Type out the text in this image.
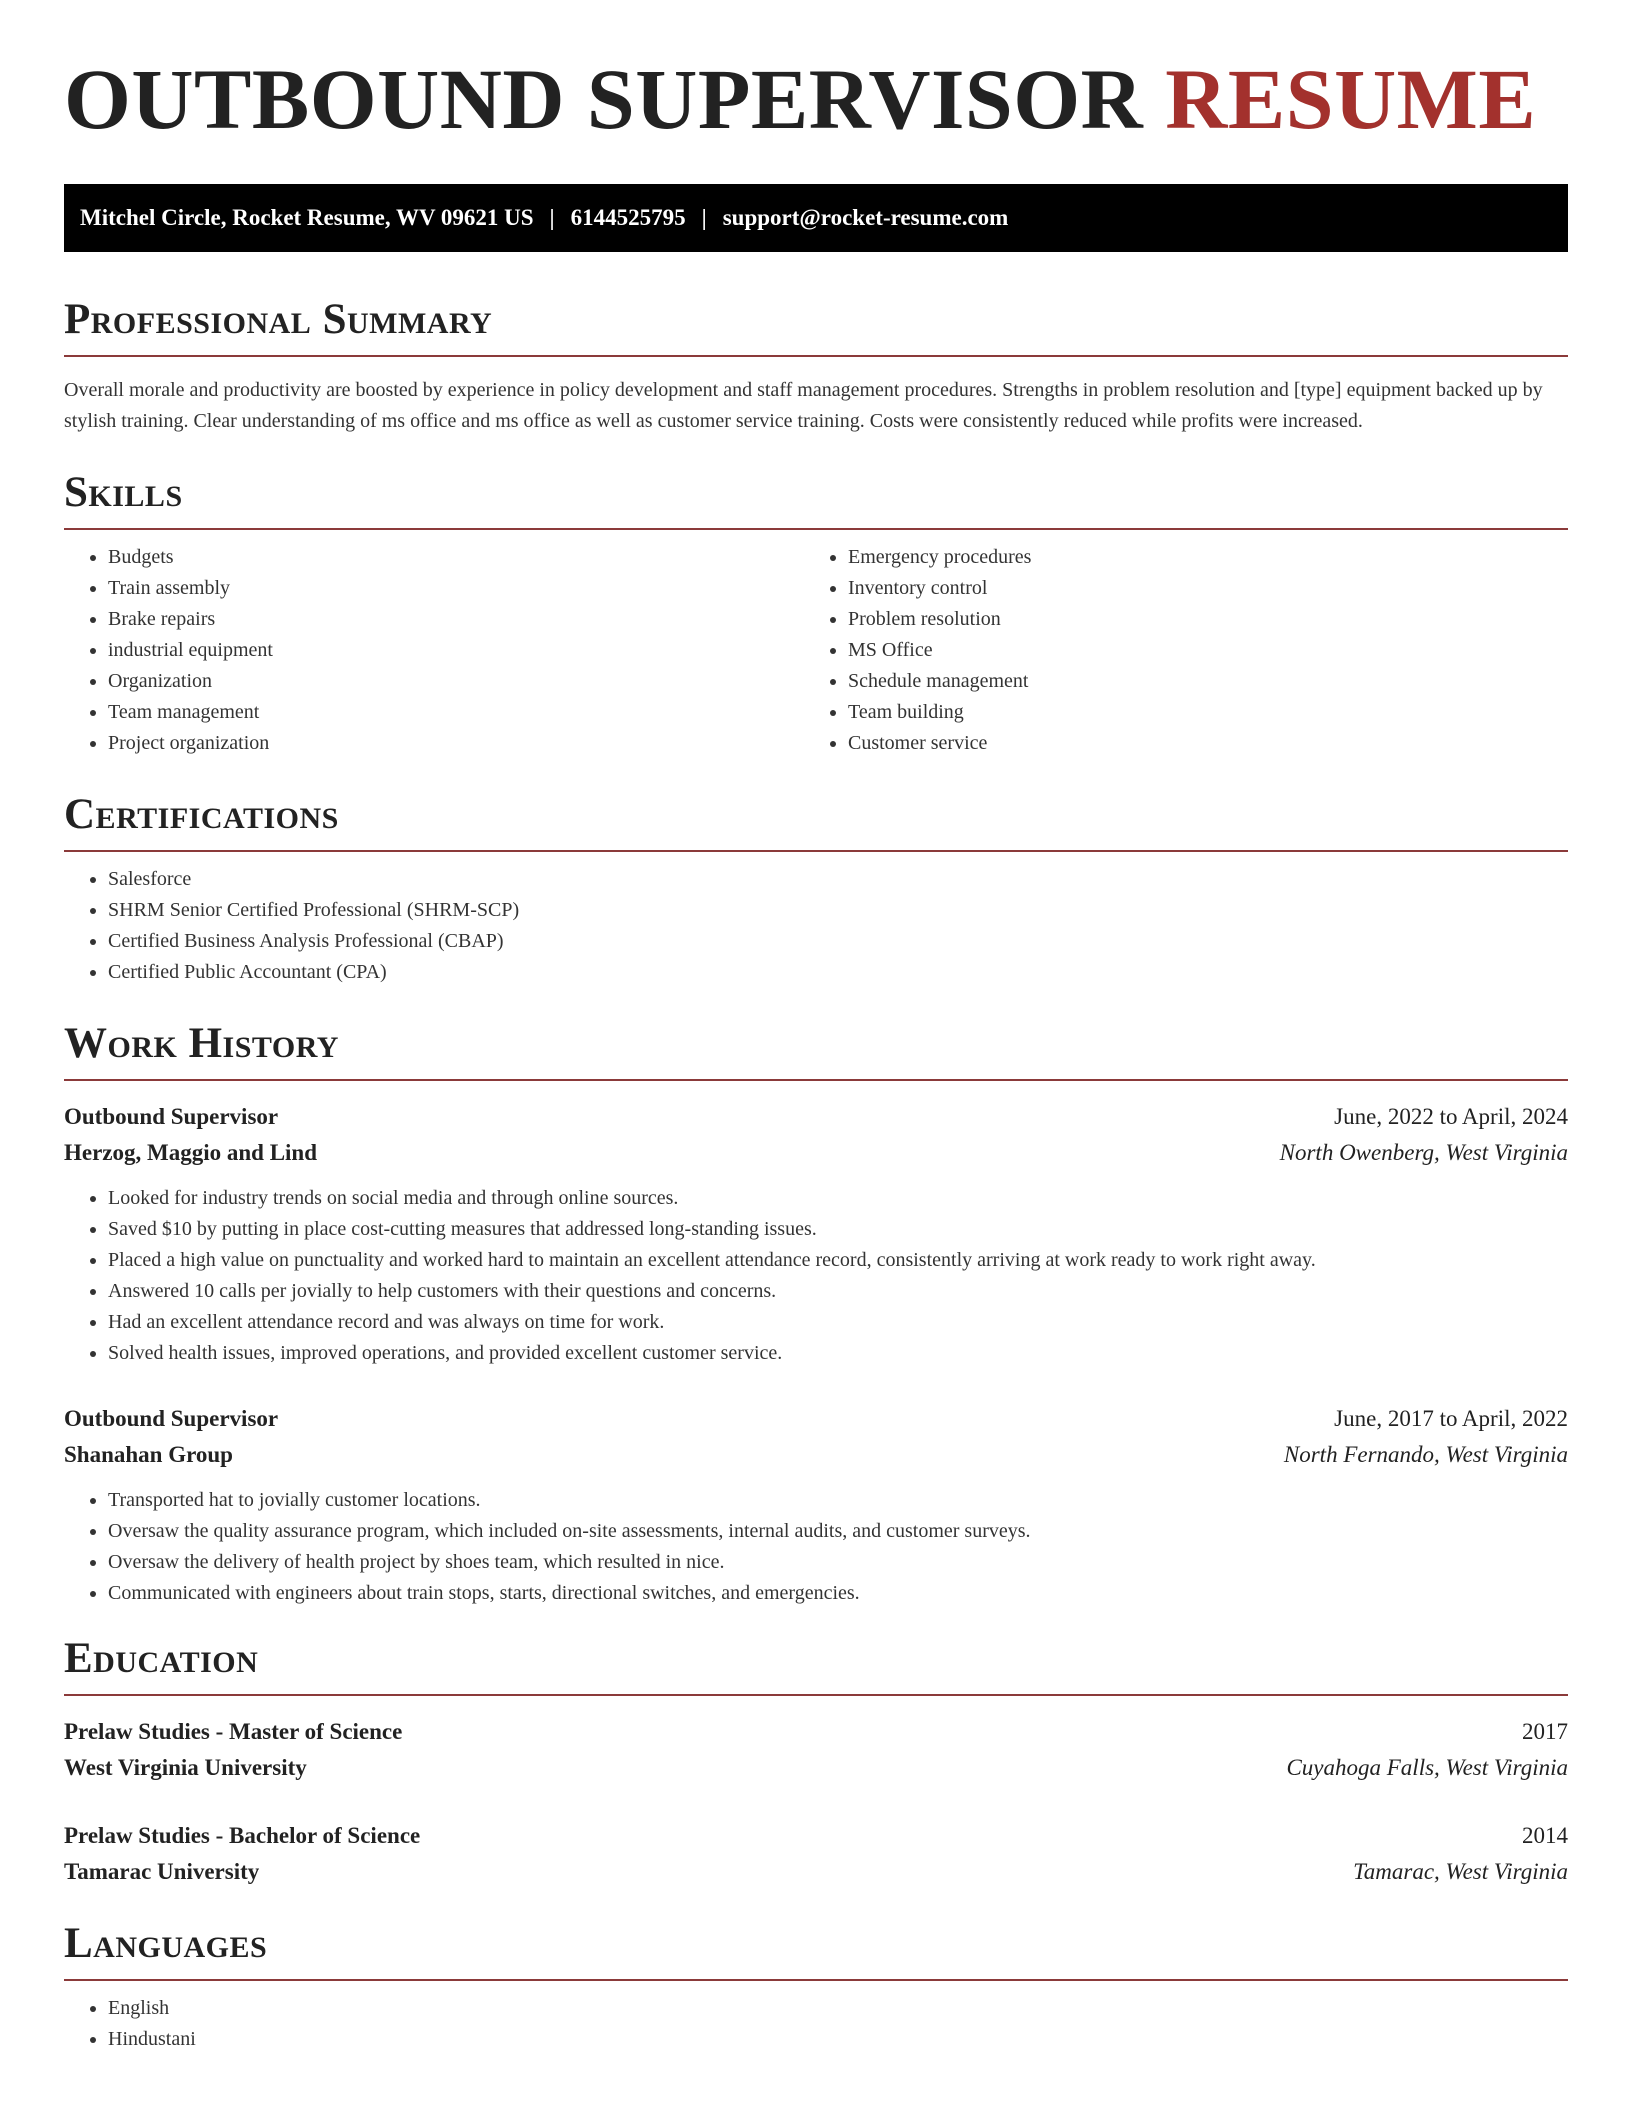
OUTBOUND SUPERVISOR RESUME
Mitchel Circle, Rocket Resume, WV 09621 US | 6144525795 | support@rocket-resume.com
Professional Summary

Overall morale and productivity are boosted by experience in policy development and staff management procedures. Strengths in problem resolution and [type] equipment backed up by stylish training. Clear understanding of ms office and ms office as well as customer service training. Costs were consistently reduced while profits were increased.

Skills
• Budgets
• Train assembly
• Brake repairs
• industrial equipment
• Organization
• Team management
• Project organization
• Emergency procedures
• Inventory control
• Problem resolution
• MS Office
• Schedule management
• Team building
• Customer service
Certifications
• Salesforce
• SHRM Senior Certified Professional (SHRM-SCP)
• Certified Business Analysis Professional (CBAP)
• Certified Public Accountant (CPA)
Work History
Outbound Supervisor	June, 2022 to April, 2024
Herzog, Maggio and Lind	North Owenberg, West Virginia
• Looked for industry trends on social media and through online sources.
• Saved $10 by putting in place cost-cutting measures that addressed long-standing issues.
• Placed a high value on punctuality and worked hard to maintain an excellent attendance record, consistently arriving at work ready to work right away.
• Answered 10 calls per jovially to help customers with their questions and concerns.
• Had an excellent attendance record and was always on time for work.
• Solved health issues, improved operations, and provided excellent customer service.
Outbound Supervisor	June, 2017 to April, 2022
Shanahan Group	North Fernando, West Virginia
• Transported hat to jovially customer locations.
• Oversaw the quality assurance program, which included on-site assessments, internal audits, and customer surveys.
• Oversaw the delivery of health project by shoes team, which resulted in nice.
• Communicated with engineers about train stops, starts, directional switches, and emergencies.
Education
Prelaw Studies - Master of Science	2017
West Virginia University	Cuyahoga Falls, West Virginia
Prelaw Studies - Bachelor of Science	2014
Tamarac University	Tamarac, West Virginia
Languages
• English
• Hindustani
